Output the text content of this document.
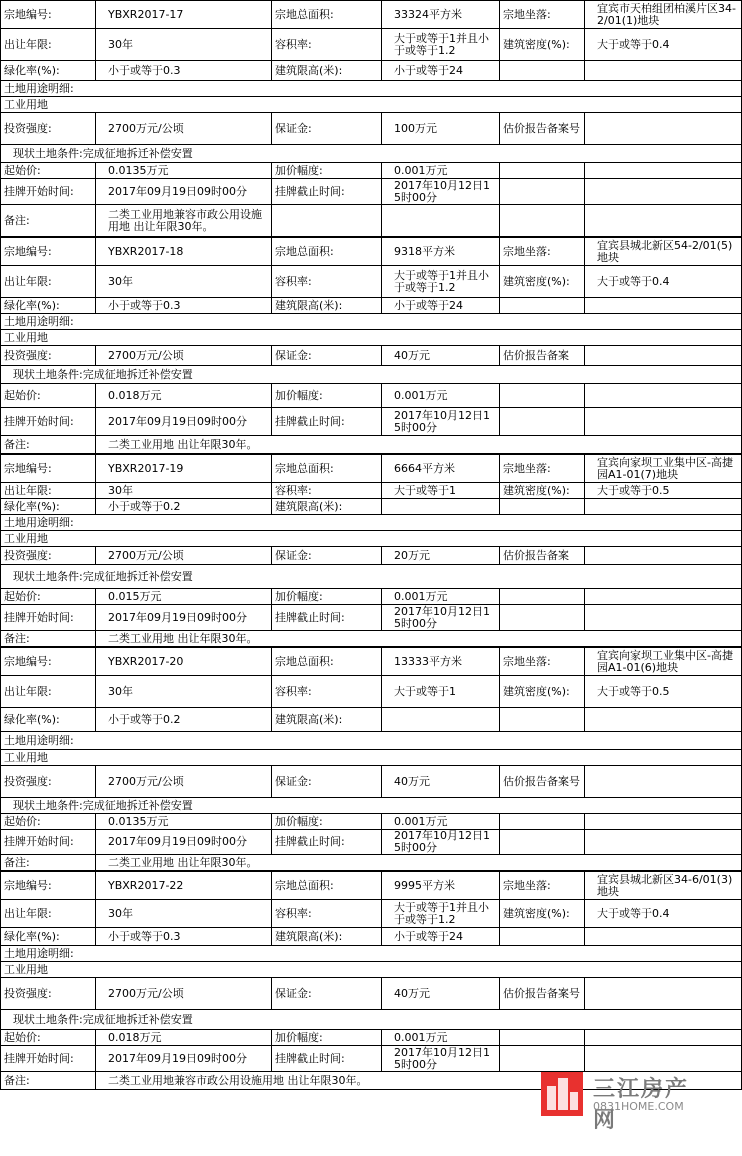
宗地编号:	YBXR2017-17	宗地总面积:	33324平方米	宗地坐落:	宜宾市天柏组团柏溪片区34-2/01(1)地块
出让年限:	30年	容积率:	大于或等于1并且小于或等于1.2	建筑密度(%):	大于或等于0.4
绿化率(%):	小于或等于0.3	建筑限高(米):	小于或等于24		
土地用途明细:					
工业用地					
投资强度:	2700万元/公顷	保证金:	100万元	估价报告备案号	
现状土地条件:完成征地拆迁补偿安置					
起始价:	0.0135万元	加价幅度:	0.001万元		
挂牌开始时间:	2017年09月19日09时00分	挂牌截止时间:	2017年10月12日15时00分		
备注:	二类工业用地兼容市政公用设施用地 出让年限30年。				
宗地编号:	YBXR2017-18	宗地总面积:	9318平方米	宗地坐落:	宜宾县城北新区54-2/01(5)地块
出让年限:	30年	容积率:	大于或等于1并且小于或等于1.2	建筑密度(%):	大于或等于0.4
绿化率(%):	小于或等于0.3	建筑限高(米):	小于或等于24		
土地用途明细:					
工业用地					
投资强度:	2700万元/公顷	保证金:	40万元	估价报告备案	
现状土地条件:完成征地拆迁补偿安置					
起始价:	0.018万元	加价幅度:	0.001万元		
挂牌开始时间:	2017年09月19日09时00分	挂牌截止时间:	2017年10月12日15时00分		
备注:	二类工业用地 出让年限30年。				
宗地编号:	YBXR2017-19	宗地总面积:	6664平方米	宗地坐落:	宜宾向家坝工业集中区-高捷园A1-01(7)地块
出让年限:	30年	容积率:	大于或等于1	建筑密度(%):	大于或等于0.5
绿化率(%):	小于或等于0.2	建筑限高(米):			
土地用途明细:					
工业用地					
投资强度:	2700万元/公顷	保证金:	20万元	估价报告备案	
现状土地条件:完成征地拆迁补偿安置					
起始价:	0.015万元	加价幅度:	0.001万元		
挂牌开始时间:	2017年09月19日09时00分	挂牌截止时间:	2017年10月12日15时00分		
备注:	二类工业用地 出让年限30年。				
宗地编号:	YBXR2017-20	宗地总面积:	13333平方米	宗地坐落:	宜宾向家坝工业集中区-高捷园A1-01(6)地块
出让年限:	30年	容积率:	大于或等于1	建筑密度(%):	大于或等于0.5
绿化率(%):	小于或等于0.2	建筑限高(米):			
土地用途明细:					
工业用地					
投资强度:	2700万元/公顷	保证金:	40万元	估价报告备案号	
现状土地条件:完成征地拆迁补偿安置					
起始价:	0.0135万元	加价幅度:	0.001万元		
挂牌开始时间:	2017年09月19日09时00分	挂牌截止时间:	2017年10月12日15时00分		
备注:	二类工业用地 出让年限30年。				
宗地编号:	YBXR2017-22	宗地总面积:	9995平方米	宗地坐落:	宜宾县城北新区34-6/01(3)地块
出让年限:	30年	容积率:	大于或等于1并且小于或等于1.2	建筑密度(%):	大于或等于0.4
绿化率(%):	小于或等于0.3	建筑限高(米):	小于或等于24		
土地用途明细:					
工业用地					
投资强度:	2700万元/公顷	保证金:	40万元	估价报告备案号	
现状土地条件:完成征地拆迁补偿安置					
起始价:	0.018万元	加价幅度:	0.001万元		
挂牌开始时间:	2017年09月19日09时00分	挂牌截止时间:	2017年10月12日15时00分		
备注:	二类工业用地兼容市政公用设施用地 出让年限30年。					三江房产网
0831HOME.COM
